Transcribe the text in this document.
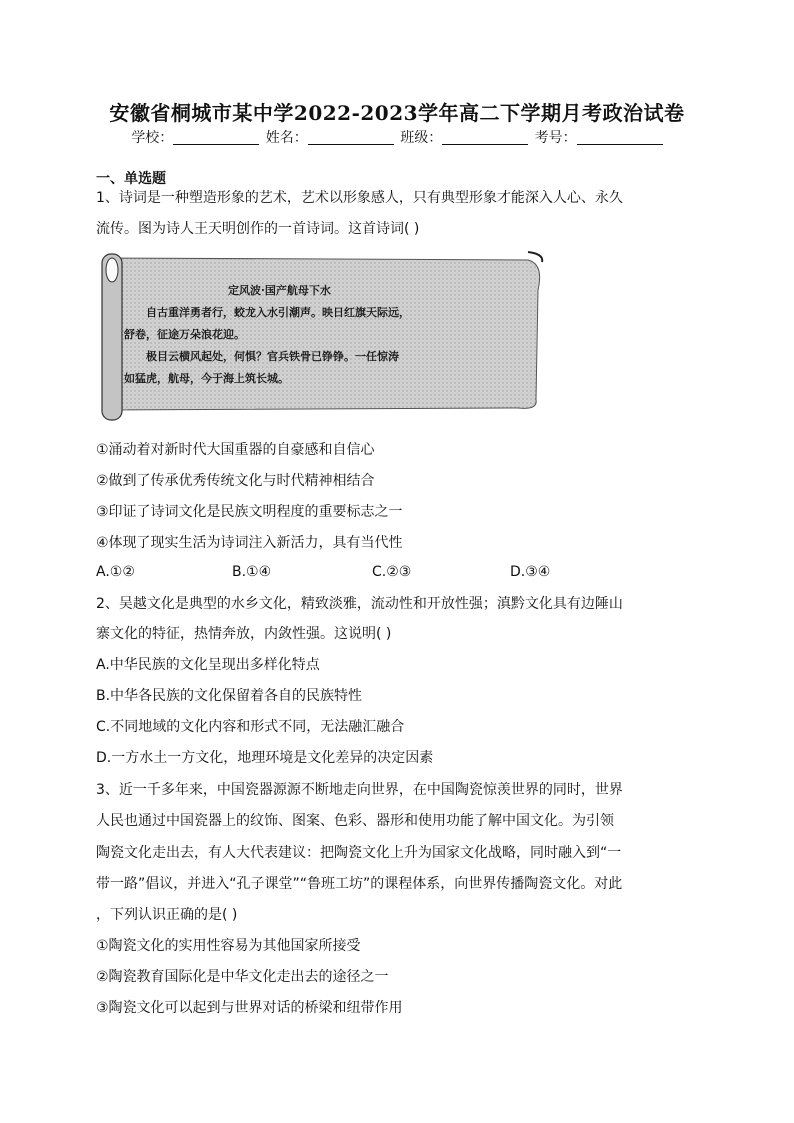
安徽省桐城市某中学2022-2023学年高二下学期月考政治试卷
学校：	姓名：	班级：	考号：
一、单选题
1、诗词是一种塑造形象的艺术，艺术以形象感人，只有典型形象才能深入人心、永久
流传。图为诗人王天明创作的一首诗词。这首诗词( )
定风波·国产航母下水
自古重洋勇者行，蛟龙入水引潮声。映日红旗天际远，
舒卷，征途万朵浪花迎。
极目云横风起处，何惧？官兵铁骨已铮铮。一任惊涛
如猛虎，航母，今于海上筑长城。
①涌动着对新时代大国重器的自豪感和自信心
②做到了传承优秀传统文化与时代精神相结合
③印证了诗词文化是民族文明程度的重要标志之一
④体现了现实生活为诗词注入新活力，具有当代性
A.①②	B.①④	C.②③	D.③④
2、吴越文化是典型的水乡文化，精致淡雅，流动性和开放性强；滇黔文化具有边陲山
寨文化的特征，热情奔放，内敛性强。这说明( )
A.中华民族的文化呈现出多样化特点
B.中华各民族的文化保留着各自的民族特性
C.不同地域的文化内容和形式不同，无法融汇融合
D.一方水土一方文化，地理环境是文化差异的决定因素
3、近一千多年来，中国瓷器源源不断地走向世界，在中国陶瓷惊羡世界的同时，世界
人民也通过中国瓷器上的纹饰、图案、色彩、器形和使用功能了解中国文化。为引领
陶瓷文化走出去，有人大代表建议：把陶瓷文化上升为国家文化战略，同时融入到“一
带一路”倡议，并进入“孔子课堂”“鲁班工坊”的课程体系，向世界传播陶瓷文化。对此
，下列认识正确的是( )
①陶瓷文化的实用性容易为其他国家所接受
②陶瓷教育国际化是中华文化走出去的途径之一
③陶瓷文化可以起到与世界对话的桥梁和纽带作用
